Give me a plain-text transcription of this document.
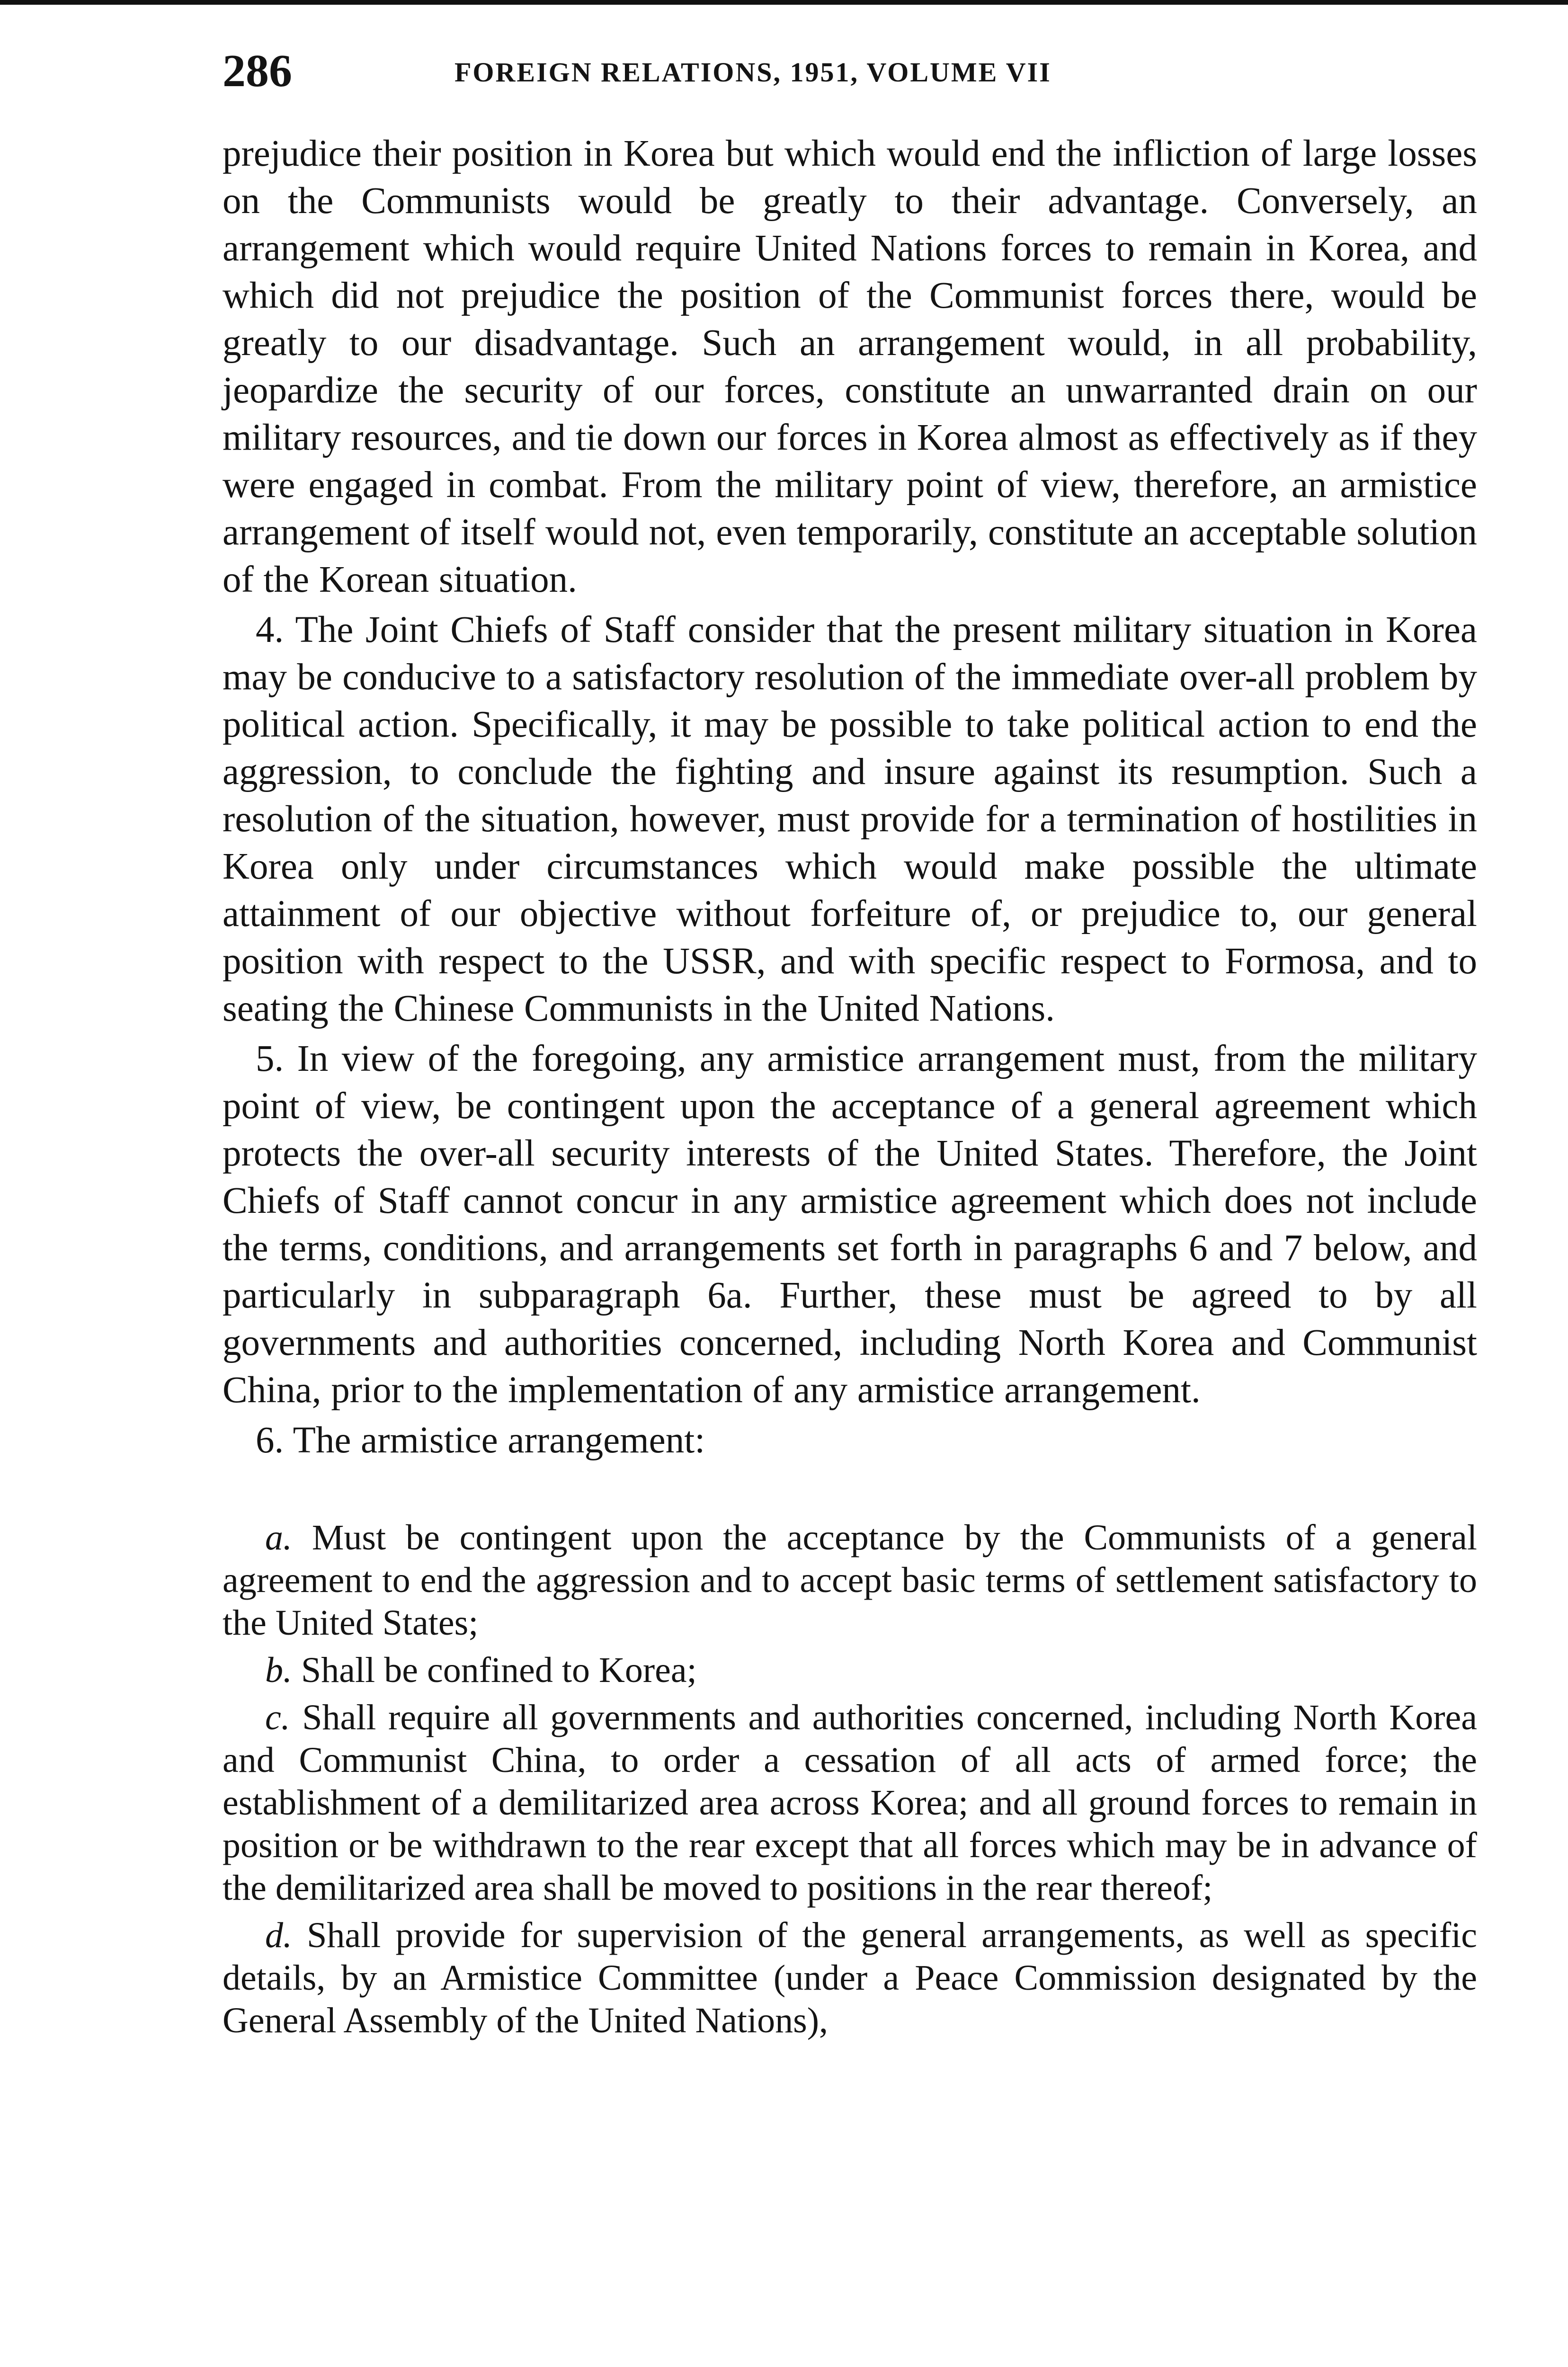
286	FOREIGN RELATIONS, 1951, VOLUME VII

prejudice their position in Korea but which would end the infliction of large losses on the Communists would be greatly to their advantage. Conversely, an arrangement which would require United Nations forces to remain in Korea, and which did not prejudice the position of the Communist forces there, would be greatly to our disadvantage. Such an arrangement would, in all probability, jeopardize the security of our forces, constitute an unwarranted drain on our military resources, and tie down our forces in Korea almost as effectively as if they were engaged in combat. From the military point of view, therefore, an armistice arrangement of itself would not, even temporarily, constitute an acceptable solution of the Korean situation.

4. The Joint Chiefs of Staff consider that the present military situation in Korea may be conducive to a satisfactory resolution of the immediate over-all problem by political action. Specifically, it may be possible to take political action to end the aggression, to conclude the fighting and insure against its resumption. Such a resolution of the situation, however, must provide for a termination of hostilities in Korea only under circumstances which would make possible the ultimate attainment of our objective without forfeiture of, or prejudice to, our general position with respect to the USSR, and with specific respect to Formosa, and to seating the Chinese Communists in the United Nations.

5. In view of the foregoing, any armistice arrangement must, from the military point of view, be contingent upon the acceptance of a general agreement which protects the over-all security interests of the United States. Therefore, the Joint Chiefs of Staff cannot concur in any armistice agreement which does not include the terms, conditions, and arrangements set forth in paragraphs 6 and 7 below, and particularly in subparagraph 6a. Further, these must be agreed to by all governments and authorities concerned, including North Korea and Communist China, prior to the implementation of any armistice arrangement.

6. The armistice arrangement:

a. Must be contingent upon the acceptance by the Communists of a general agreement to end the aggression and to accept basic terms of settlement satisfactory to the United States;

b. Shall be confined to Korea;

c. Shall require all governments and authorities concerned, including North Korea and Communist China, to order a cessation of all acts of armed force; the establishment of a demilitarized area across Korea; and all ground forces to remain in position or be withdrawn to the rear except that all forces which may be in advance of the demilitarized area shall be moved to positions in the rear thereof;

d. Shall provide for supervision of the general arrangements, as well as specific details, by an Armistice Committee (under a Peace Commission designated by the General Assembly of the United Nations),
